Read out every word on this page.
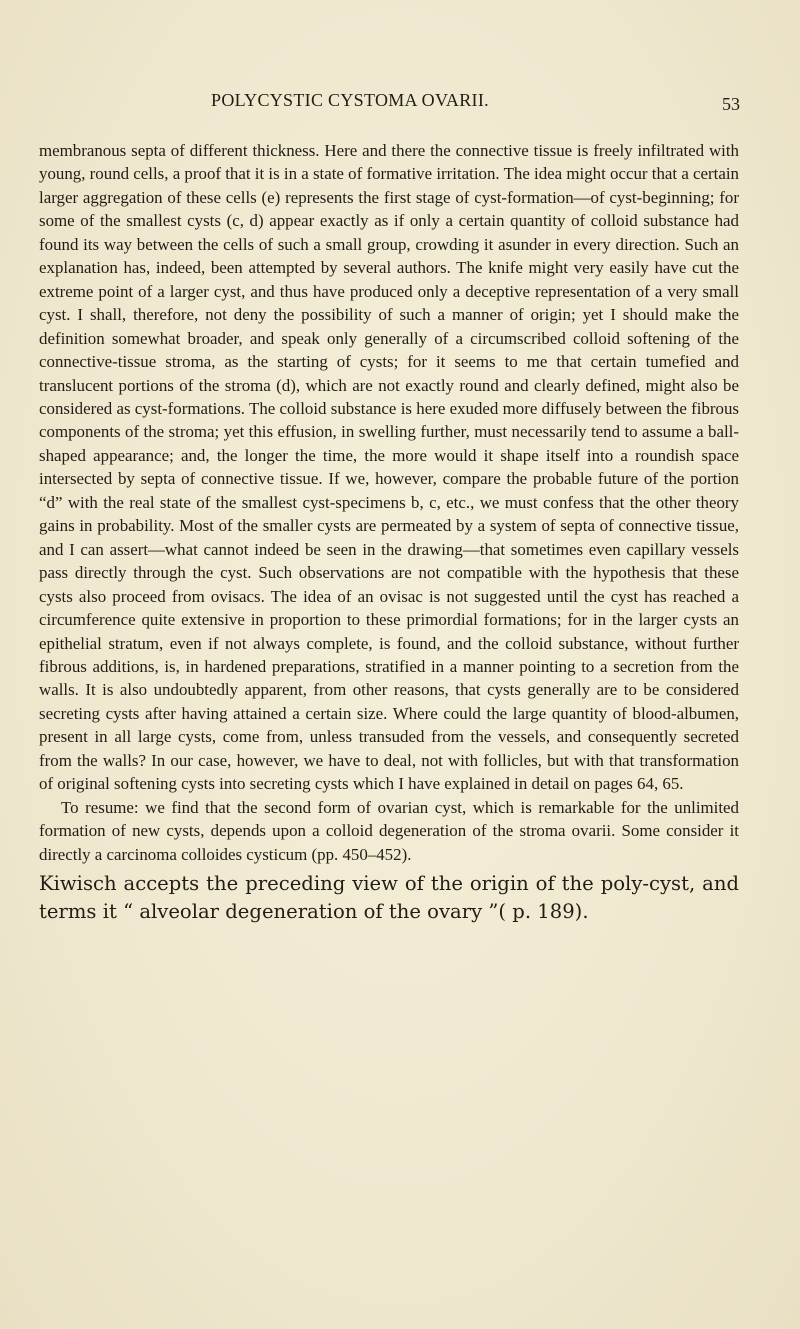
POLYCYSTIC CYSTOMA OVARII.	53

membranous septa of different thickness. Here and there the connective tissue is freely infiltrated with young, round cells, a proof that it is in a state of formative irritation. The idea might occur that a certain larger aggregation of these cells (e) represents the first stage of cyst-formation—of cyst-beginning; for some of the smallest cysts (c, d) appear exactly as if only a certain quantity of colloid substance had found its way between the cells of such a small group, crowding it asunder in every direction. Such an explanation has, indeed, been attempted by several authors. The knife might very easily have cut the extreme point of a larger cyst, and thus have produced only a deceptive representation of a very small cyst. I shall, therefore, not deny the possibility of such a manner of origin; yet I should make the definition somewhat broader, and speak only generally of a circumscribed colloid softening of the connective-tissue stroma, as the starting of cysts; for it seems to me that certain tumefied and translucent portions of the stroma (d), which are not exactly round and clearly defined, might also be considered as cyst-formations. The colloid substance is here exuded more diffusely between the fibrous components of the stroma; yet this effusion, in swelling further, must necessarily tend to assume a ball-shaped appearance; and, the longer the time, the more would it shape itself into a roundish space intersected by septa of connective tissue. If we, however, compare the probable future of the portion “d” with the real state of the smallest cyst-specimens b, c, etc., we must confess that the other theory gains in probability. Most of the smaller cysts are permeated by a system of septa of connective tissue, and I can assert—what cannot indeed be seen in the drawing—that sometimes even capillary vessels pass directly through the cyst. Such observations are not compatible with the hypothesis that these cysts also proceed from ovisacs. The idea of an ovisac is not suggested until the cyst has reached a circumference quite extensive in proportion to these primordial formations; for in the larger cysts an epithelial stratum, even if not always complete, is found, and the colloid substance, without further fibrous additions, is, in hardened preparations, stratified in a manner pointing to a secretion from the walls. It is also undoubtedly apparent, from other reasons, that cysts generally are to be considered secreting cysts after having attained a certain size. Where could the large quantity of blood-albumen, present in all large cysts, come from, unless transuded from the vessels, and consequently secreted from the walls? In our case, however, we have to deal, not with follicles, but with that transformation of original softening cysts into secreting cysts which I have explained in detail on pages 64, 65.

To resume: we find that the second form of ovarian cyst, which is remarkable for the unlimited formation of new cysts, depends upon a colloid degeneration of the stroma ovarii. Some consider it directly a carcinoma colloides cysticum (pp. 450–452).

Kiwisch accepts the preceding view of the origin of the poly-cyst, and terms it “ alveolar degeneration of the ovary ”( p. 189).
